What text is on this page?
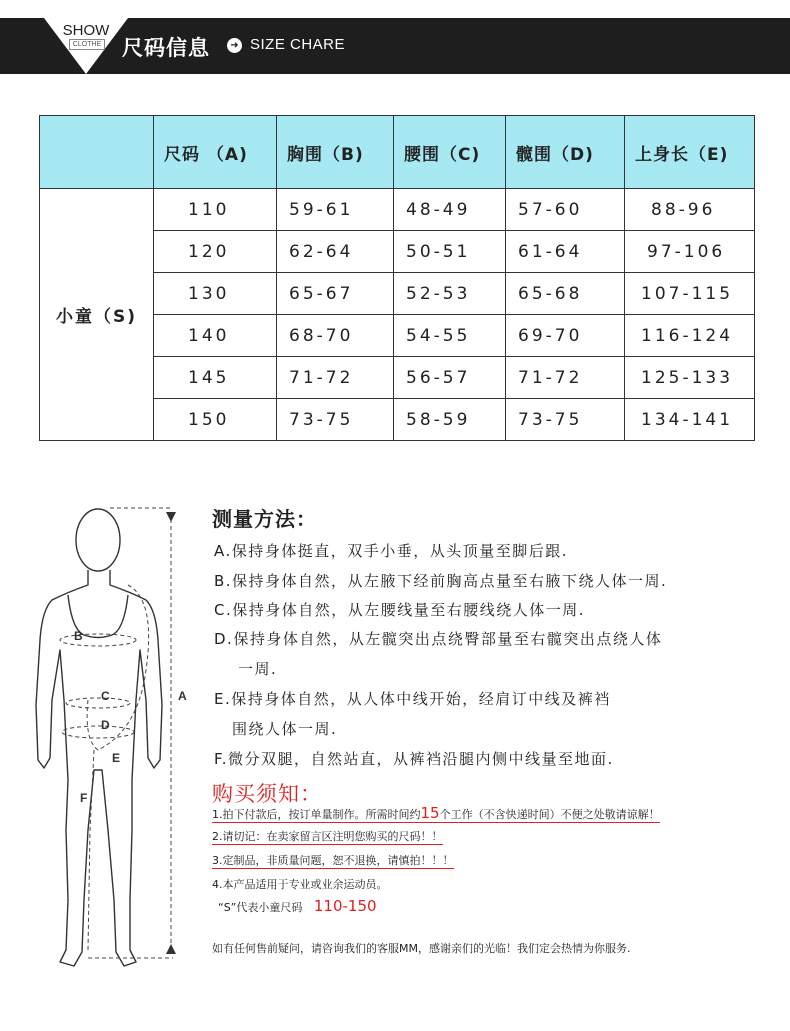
SHOW
CLOTHE 尺码信息	➜ SIZE CHARE
	尺码 （A)	胸围（B)	腰围（C)	髋围（D)	上身长（E)
小童（S)	110	59-61	48-49	57-60	88-96
	120	62-64	50-51	61-64	97-106
	130	65-67	52-53	65-68	107-115
	140	68-70	54-55	69-70	116-124
	145	71-72	56-57	71-72	125-133
	150	73-75	58-59	73-75	134-141
B
C
D
E
F
A
测量方法：
A.保持身体挺直，双手小垂，从头顶量至脚后跟.
B.保持身体自然，从左腋下经前胸高点量至右腋下绕人体一周.
C.保持身体自然，从左腰线量至右腰线绕人体一周.
D.保持身体自然，从左髋突出点绕臀部量至右髋突出点绕人体
一周.
E.保持身体自然，从人体中线开始，经肩订中线及裤裆
围绕人体一周.
F.微分双腿，自然站直，从裤裆沿腿内侧中线量至地面.
购买须知：
1.拍下付款后，按订单量制作。所需时间约15个工作（不含快递时间）不便之处敬请谅解！
2.请切记：在卖家留言区注明您购买的尺码！！
3.定制品，非质量问题，恕不退换，请慎拍！！！
4.本产品适用于专业或业余运动员。
“S”代表小童尺码 110-150
如有任何售前疑问，请咨询我们的客服MM，感谢亲们的光临！我们定会热情为你服务.
